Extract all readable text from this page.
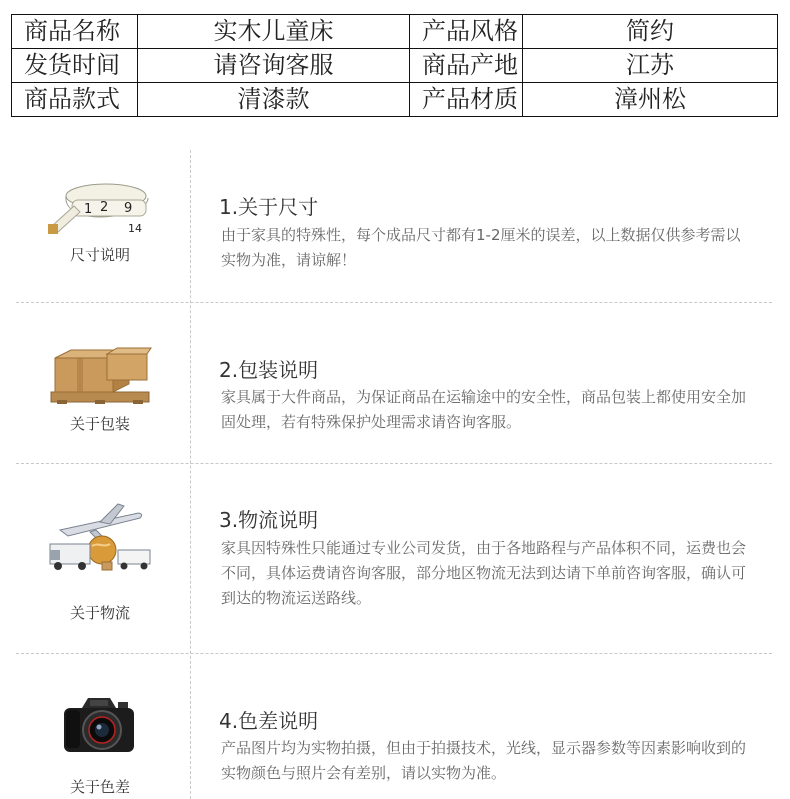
商品名称	实木儿童床	产品风格	简约
发货时间	请咨询客服	商品产地	江苏
商品款式	清漆款	产品材质	漳州松
1 2 9
14
尺寸说明
1.关于尺寸
由于家具的特殊性，每个成品尺寸都有1-2厘米的误差，以上数据仅供参考需以实物为准，请谅解！
关于包装
2.包装说明
家具属于大件商品，为保证商品在运输途中的安全性，商品包装上都使用安全加固处理，若有特殊保护处理需求请咨询客服。
关于物流
3.物流说明
家具因特殊性只能通过专业公司发货，由于各地路程与产品体积不同，运费也会不同，具体运费请咨询客服，部分地区物流无法到达请下单前咨询客服，确认可到达的物流运送路线。
关于色差
4.色差说明
产品图片均为实物拍摄，但由于拍摄技术，光线，显示器参数等因素影响收到的实物颜色与照片会有差别，请以实物为准。
